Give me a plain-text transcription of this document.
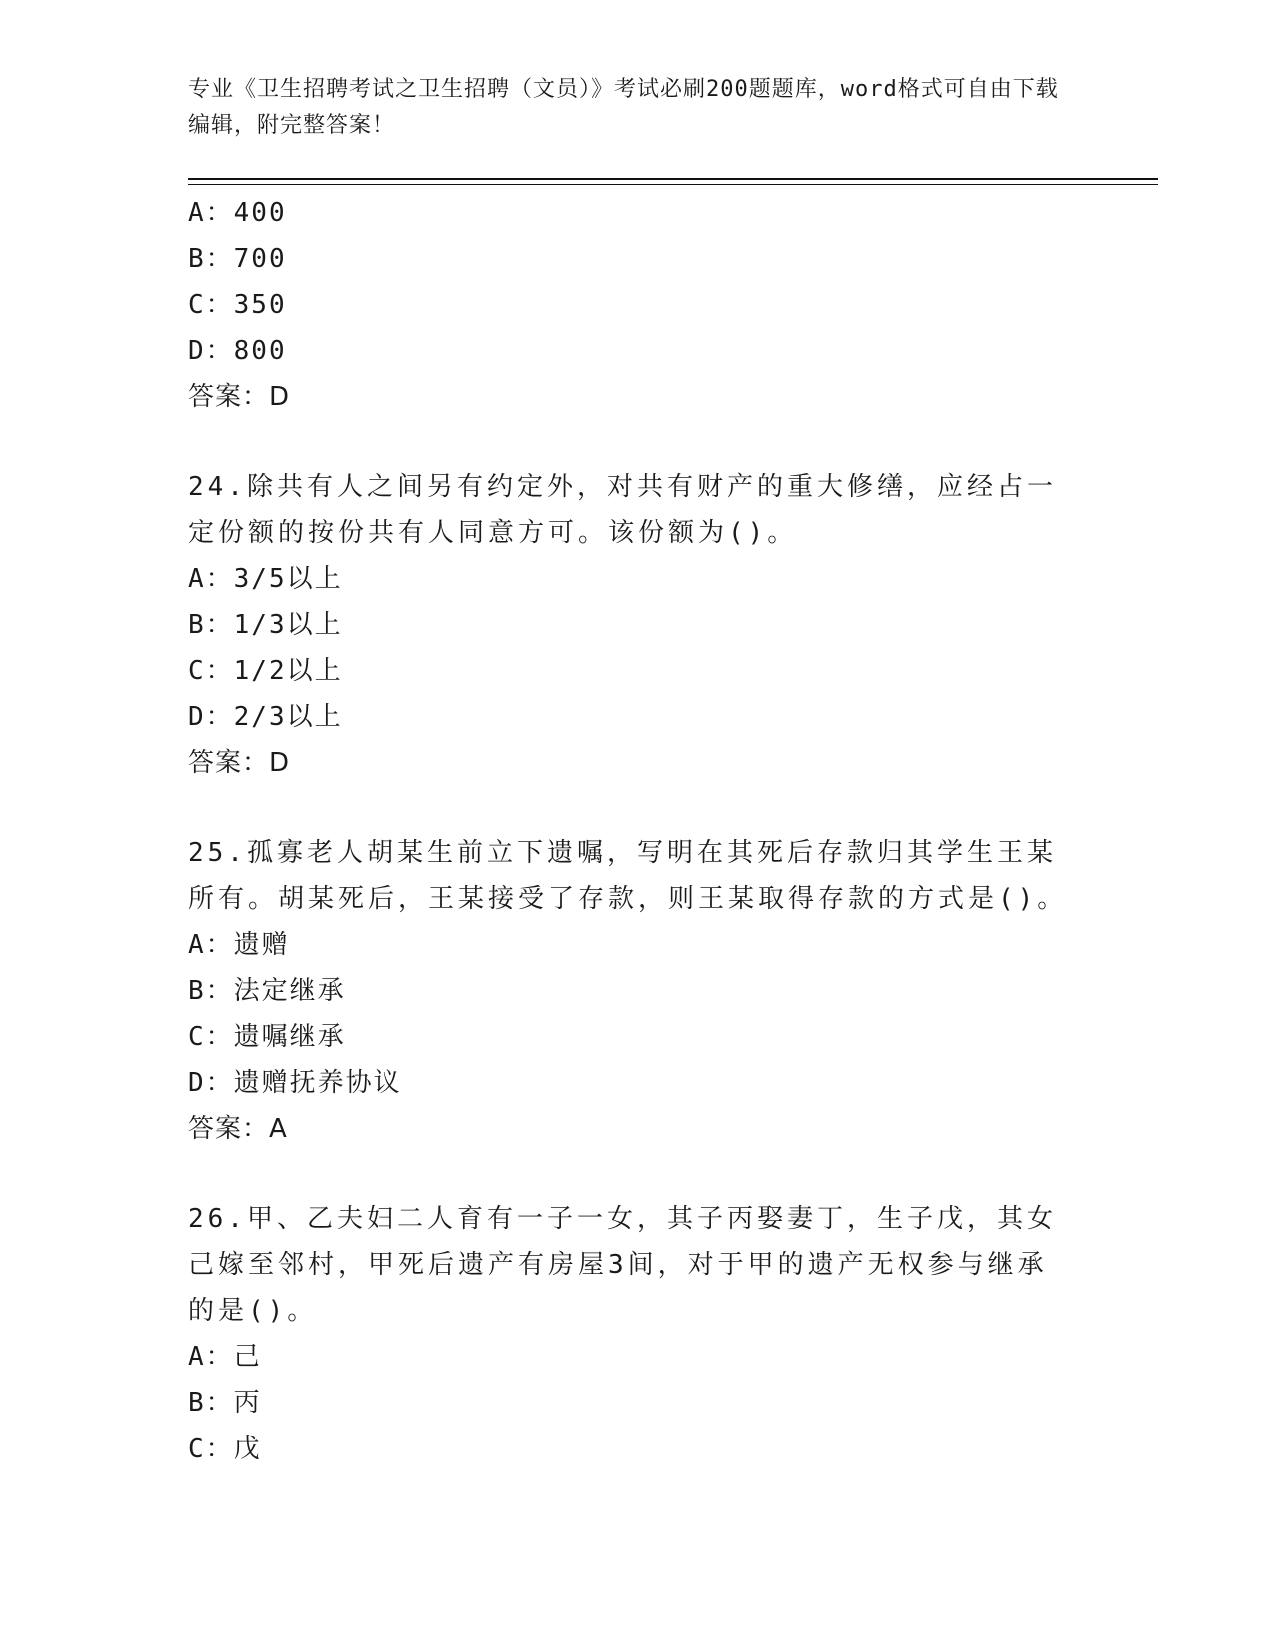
专业《卫生招聘考试之卫生招聘（文员）》考试必刷200题题库，word格式可自由下载编辑，附完整答案！
A：400
B：700
C：350
D：800
答案：D
24.除共有人之间另有约定外，对共有财产的重大修缮，应经占一定份额的按份共有人同意方可。该份额为()。
A：3/5以上
B：1/3以上
C：1/2以上
D：2/3以上
答案：D
25.孤寡老人胡某生前立下遗嘱，写明在其死后存款归其学生王某所有。胡某死后，王某接受了存款，则王某取得存款的方式是()。
A：遗赠
B：法定继承
C：遗嘱继承
D：遗赠抚养协议
答案：A
26.甲、乙夫妇二人育有一子一女，其子丙娶妻丁，生子戊，其女己嫁至邻村，甲死后遗产有房屋3间，对于甲的遗产无权参与继承的是()。
A：己
B：丙
C：戊
